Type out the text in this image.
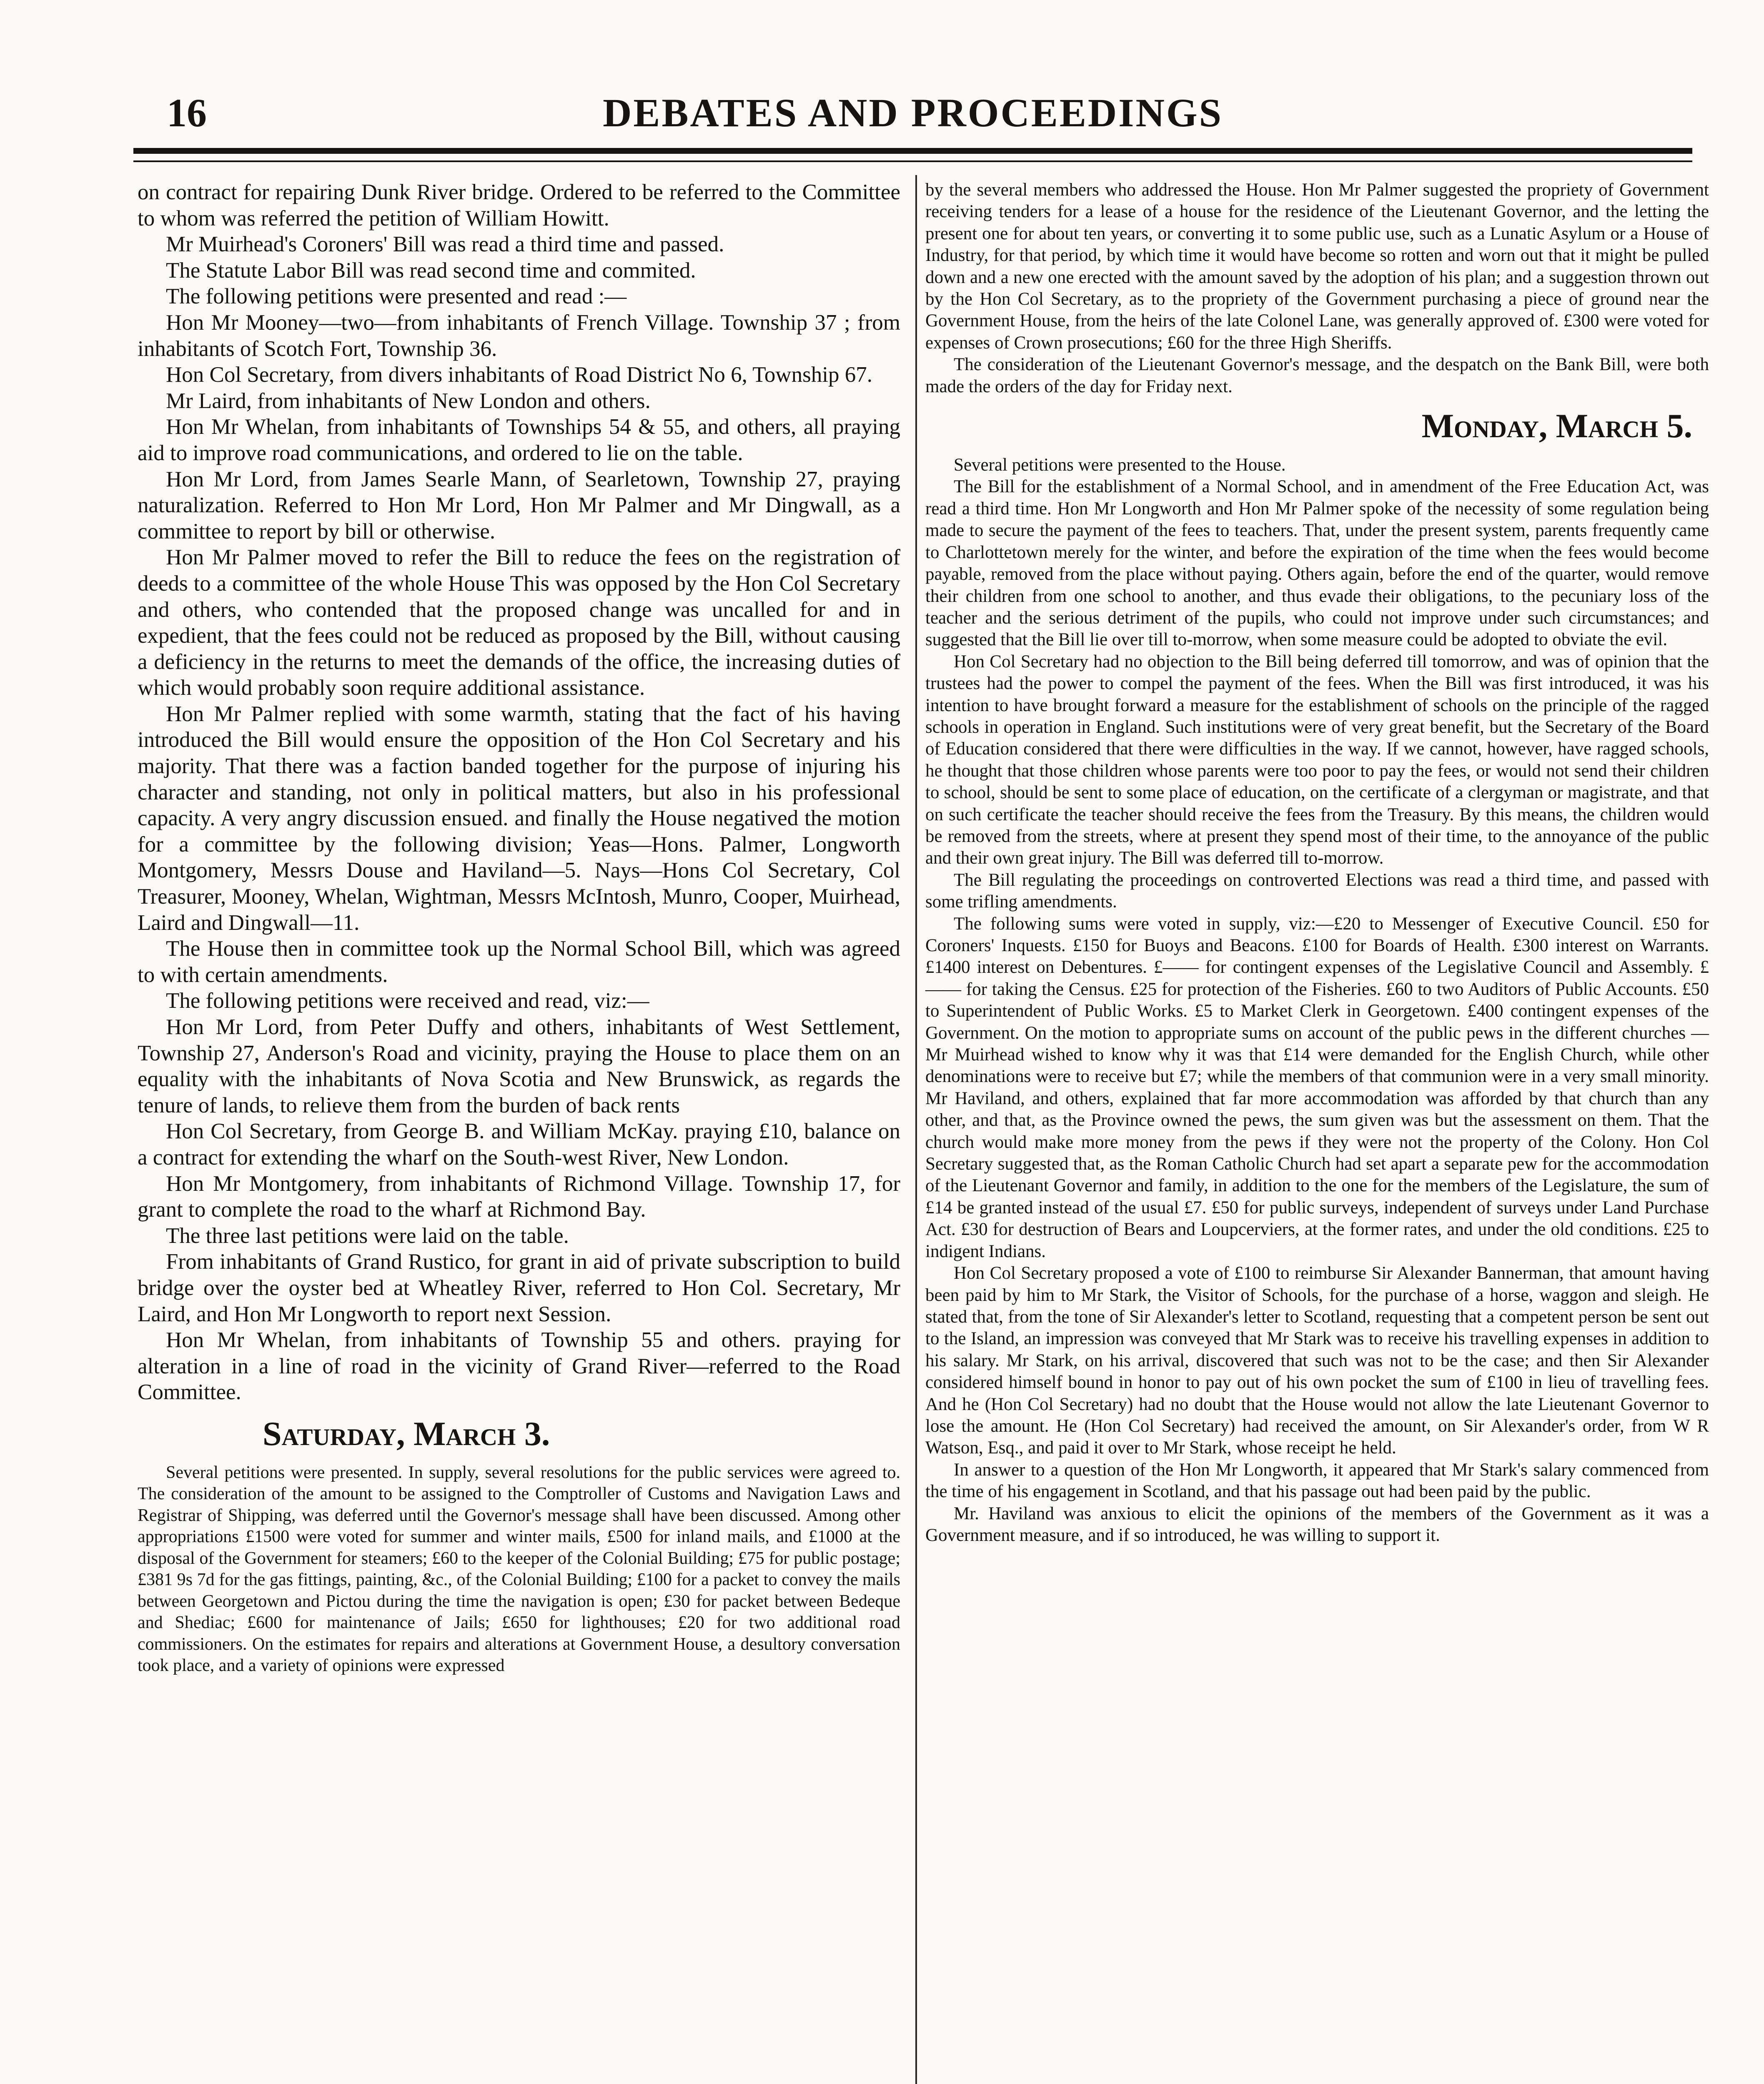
16	DEBATES AND PROCEEDINGS

on contract for repairing Dunk River bridge. Ordered to be referred to the Committee to whom was referred the petition of William Howitt.

Mr Muirhead's Coroners' Bill was read a third time and passed.

The Statute Labor Bill was read second time and commited.

The following petitions were presented and read :—

Hon Mr Mooney—two—from inhabitants of French Village. Township 37 ; from inhabitants of Scotch Fort, Township 36.

Hon Col Secretary, from divers inhabitants of Road District No 6, Township 67.

Mr Laird, from inhabitants of New London and others.

Hon Mr Whelan, from inhabitants of Townships 54 & 55, and others, all praying aid to improve road communications, and ordered to lie on the table.

Hon Mr Lord, from James Searle Mann, of Searletown, Township 27, praying naturalization. Referred to Hon Mr Lord, Hon Mr Palmer and Mr Dingwall, as a committee to report by bill or otherwise.

Hon Mr Palmer moved to refer the Bill to reduce the fees on the registration of deeds to a committee of the whole House This was opposed by the Hon Col Secretary and others, who contended that the proposed change was uncalled for and in expedient, that the fees could not be reduced as proposed by the Bill, without causing a deficiency in the returns to meet the demands of the office, the increasing duties of which would probably soon require additional assistance.

Hon Mr Palmer replied with some warmth, stating that the fact of his having introduced the Bill would ensure the opposition of the Hon Col Secretary and his majority. That there was a faction banded together for the purpose of injuring his character and standing, not only in political matters, but also in his professional capacity. A very angry discussion ensued. and finally the House negatived the motion for a committee by the following division; Yeas—Hons. Palmer, Longworth Montgomery, Messrs Douse and Haviland—5. Nays—Hons Col Secretary, Col Treasurer, Mooney, Whelan, Wightman, Messrs McIntosh, Munro, Cooper, Muirhead, Laird and Dingwall—11.

The House then in committee took up the Normal School Bill, which was agreed to with certain amendments.

The following petitions were received and read, viz:—

Hon Mr Lord, from Peter Duffy and others, inhabitants of West Settlement, Township 27, Anderson's Road and vicinity, praying the House to place them on an equality with the inhabitants of Nova Scotia and New Brunswick, as regards the tenure of lands, to relieve them from the burden of back rents

Hon Col Secretary, from George B. and William McKay. praying £10, balance on a contract for extending the wharf on the South-west River, New London.

Hon Mr Montgomery, from inhabitants of Richmond Village. Township 17, for grant to complete the road to the wharf at Richmond Bay.

The three last petitions were laid on the table.

From inhabitants of Grand Rustico, for grant in aid of private subscription to build bridge over the oyster bed at Wheatley River, referred to Hon Col. Secretary, Mr Laird, and Hon Mr Longworth to report next Session.

Hon Mr Whelan, from inhabitants of Township 55 and others. praying for alteration in a line of road in the vicinity of Grand River—referred to the Road Committee.

Saturday, March 3.

Several petitions were presented. In supply, several resolutions for the public services were agreed to. The consideration of the amount to be assigned to the Comptroller of Customs and Navigation Laws and Registrar of Shipping, was deferred until the Governor's message shall have been discussed. Among other appropriations £1500 were voted for summer and winter mails, £500 for inland mails, and £1000 at the disposal of the Government for steamers; £60 to the keeper of the Colonial Building; £75 for public postage; £381 9s 7d for the gas fittings, painting, &c., of the Colonial Building; £100 for a packet to convey the mails between Georgetown and Pictou during the time the navigation is open; £30 for packet between Bedeque and Shediac; £600 for maintenance of Jails; £650 for lighthouses; £20 for two additional road commissioners. On the estimates for repairs and alterations at Government House, a desultory conversation took place, and a variety of opinions were expressed

by the several members who addressed the House. Hon Mr Palmer suggested the propriety of Government receiving tenders for a lease of a house for the residence of the Lieutenant Governor, and the letting the present one for about ten years, or converting it to some public use, such as a Lunatic Asylum or a House of Industry, for that period, by which time it would have become so rotten and worn out that it might be pulled down and a new one erected with the amount saved by the adoption of his plan; and a suggestion thrown out by the Hon Col Secretary, as to the propriety of the Government purchasing a piece of ground near the Government House, from the heirs of the late Colonel Lane, was generally approved of. £300 were voted for expenses of Crown prosecutions; £60 for the three High Sheriffs.

The consideration of the Lieutenant Governor's message, and the despatch on the Bank Bill, were both made the orders of the day for Friday next.

Monday, March 5.

Several petitions were presented to the House.

The Bill for the establishment of a Normal School, and in amendment of the Free Education Act, was read a third time. Hon Mr Longworth and Hon Mr Palmer spoke of the necessity of some regulation being made to secure the payment of the fees to teachers. That, under the present system, parents frequently came to Charlottetown merely for the winter, and before the expiration of the time when the fees would become payable, removed from the place without paying. Others again, before the end of the quarter, would remove their children from one school to another, and thus evade their obligations, to the pecuniary loss of the teacher and the serious detriment of the pupils, who could not improve under such circumstances; and suggested that the Bill lie over till to-morrow, when some measure could be adopted to obviate the evil.

Hon Col Secretary had no objection to the Bill being deferred till tomorrow, and was of opinion that the trustees had the power to compel the payment of the fees. When the Bill was first introduced, it was his intention to have brought forward a measure for the establishment of schools on the principle of the ragged schools in operation in England. Such institutions were of very great benefit, but the Secretary of the Board of Education considered that there were difficulties in the way. If we cannot, however, have ragged schools, he thought that those children whose parents were too poor to pay the fees, or would not send their children to school, should be sent to some place of education, on the certificate of a clergyman or magistrate, and that on such certificate the teacher should receive the fees from the Treasury. By this means, the children would be removed from the streets, where at present they spend most of their time, to the annoyance of the public and their own great injury. The Bill was deferred till to-morrow.

The Bill regulating the proceedings on controverted Elections was read a third time, and passed with some trifling amendments.

The following sums were voted in supply, viz:—£20 to Messenger of Executive Council. £50 for Coroners' Inquests. £150 for Buoys and Beacons. £100 for Boards of Health. £300 interest on Warrants. £1400 interest on Debentures. £—— for contingent expenses of the Legislative Council and Assembly. £—— for taking the Census. £25 for protection of the Fisheries. £60 to two Auditors of Public Accounts. £50 to Superintendent of Public Works. £5 to Market Clerk in Georgetown. £400 contingent expenses of the Government. On the motion to appropriate sums on account of the public pews in the different churches —Mr Muirhead wished to know why it was that £14 were demanded for the English Church, while other denominations were to receive but £7; while the members of that communion were in a very small minority. Mr Haviland, and others, explained that far more accommodation was afforded by that church than any other, and that, as the Province owned the pews, the sum given was but the assessment on them. That the church would make more money from the pews if they were not the property of the Colony. Hon Col Secretary suggested that, as the Roman Catholic Church had set apart a separate pew for the accommodation of the Lieutenant Governor and family, in addition to the one for the members of the Legislature, the sum of £14 be granted instead of the usual £7. £50 for public surveys, independent of surveys under Land Purchase Act. £30 for destruction of Bears and Loupcerviers, at the former rates, and under the old conditions. £25 to indigent Indians.

Hon Col Secretary proposed a vote of £100 to reimburse Sir Alexander Bannerman, that amount having been paid by him to Mr Stark, the Visitor of Schools, for the purchase of a horse, waggon and sleigh. He stated that, from the tone of Sir Alexander's letter to Scotland, requesting that a competent person be sent out to the Island, an impression was conveyed that Mr Stark was to receive his travelling expenses in addition to his salary. Mr Stark, on his arrival, discovered that such was not to be the case; and then Sir Alexander considered himself bound in honor to pay out of his own pocket the sum of £100 in lieu of travelling fees. And he (Hon Col Secretary) had no doubt that the House would not allow the late Lieutenant Governor to lose the amount. He (Hon Col Secretary) had received the amount, on Sir Alexander's order, from W R Watson, Esq., and paid it over to Mr Stark, whose receipt he held.

In answer to a question of the Hon Mr Longworth, it appeared that Mr Stark's salary commenced from the time of his engagement in Scotland, and that his passage out had been paid by the public.

Mr. Haviland was anxious to elicit the opinions of the members of the Government as it was a Government measure, and if so introduced, he was willing to support it.
